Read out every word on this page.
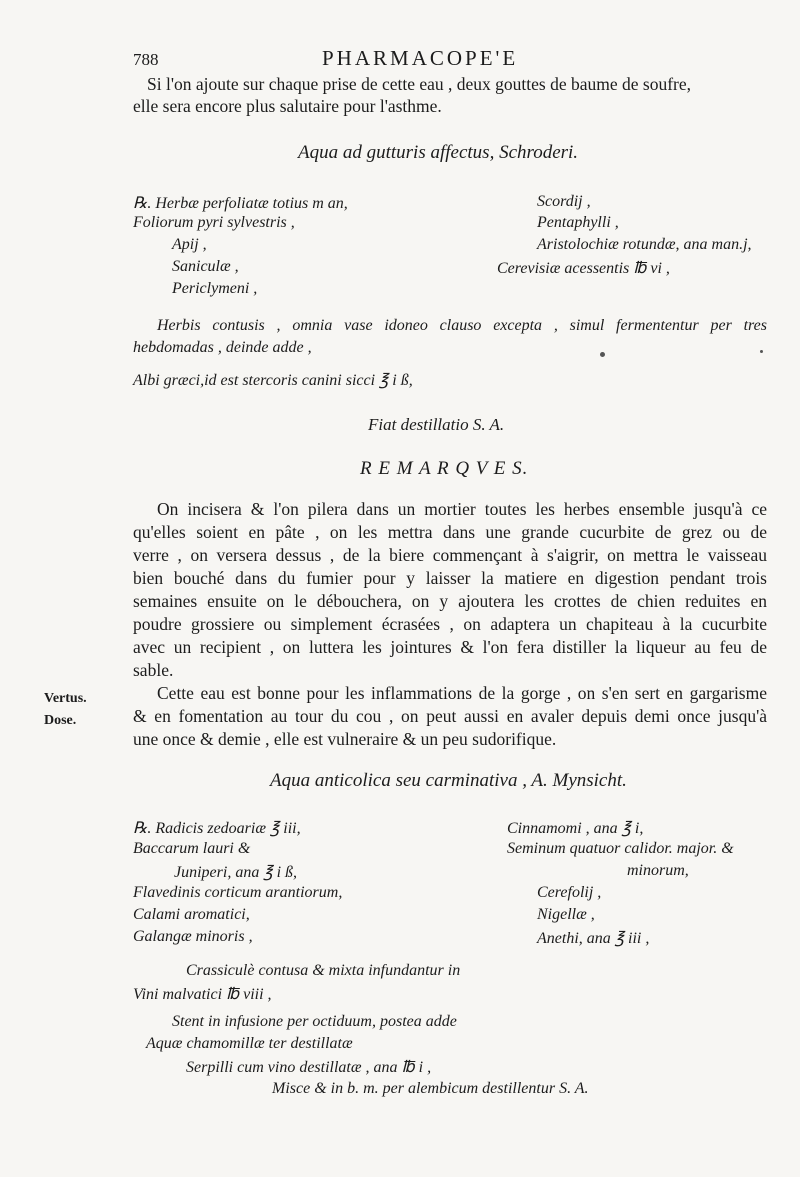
788	PHARMACOPE'E
Si l'on ajoute sur chaque prise de cette eau , deux gouttes de baume de soufre,
elle sera encore plus salutaire pour l'asthme.
Aqua ad gutturis affectus, Schroderi.
℞. Herbæ perfoliatæ totius m an,
Foliorum pyri sylvestris ,
Apij ,
Saniculæ ,
Periclymeni ,
Scordij ,
Pentaphylli ,
Aristolochiæ rotundæ, ana man.j,
Cerevisiæ acessentis ℔ vi ,
Herbis contusis , omnia vase idoneo clauso excepta , simul fermententur per tres
hebdomadas , deinde adde ,
Albi græci,id est stercoris canini sicci ℥ i ß,
Fiat destillatio S. A.
R E M A R Q V E S.
On incisera & l'on pilera dans un mortier toutes les herbes ensemble jusqu'à ce
qu'elles soient en pâte , on les mettra dans une grande cucurbite de grez ou de
verre , on versera dessus , de la biere commençant à s'aigrir, on mettra le vaisseau
bien bouché dans du fumier pour y laisser la matiere en digestion pendant trois
semaines ensuite on le débouchera, on y ajoutera les crottes de chien reduites en
poudre grossiere ou simplement écrasées , on adaptera un chapiteau à la cucurbite
avec un recipient , on luttera les jointures & l'on fera distiller la liqueur au feu de
sable.
Vertus.
Dose.
Cette eau est bonne pour les inflammations de la gorge , on s'en sert en gargarisme
& en fomentation au tour du cou , on peut aussi en avaler depuis demi once jusqu'à
une once & demie , elle est vulneraire & un peu sudorifique.
Aqua anticolica seu carminativa , A. Mynsicht.
℞. Radicis zedoariæ ℥ iii,
Baccarum lauri &
Juniperi, ana ℥ i ß,
Flavedinis corticum arantiorum,
Calami aromatici,
Galangæ minoris ,
Cinnamomi , ana ℥ i,
Seminum quatuor calidor. major. &
minorum,
Cerefolij ,
Nigellæ ,
Anethi, ana ℥ iii ,
Crassiculè contusa & mixta infundantur in
Vini malvatici ℔ viii ,
Stent in infusione per octiduum, postea adde
Aquæ chamomillæ ter destillatæ
Serpilli cum vino destillatæ , ana ℔ i ,
Misce & in b. m. per alembicum destillentur S. A.
